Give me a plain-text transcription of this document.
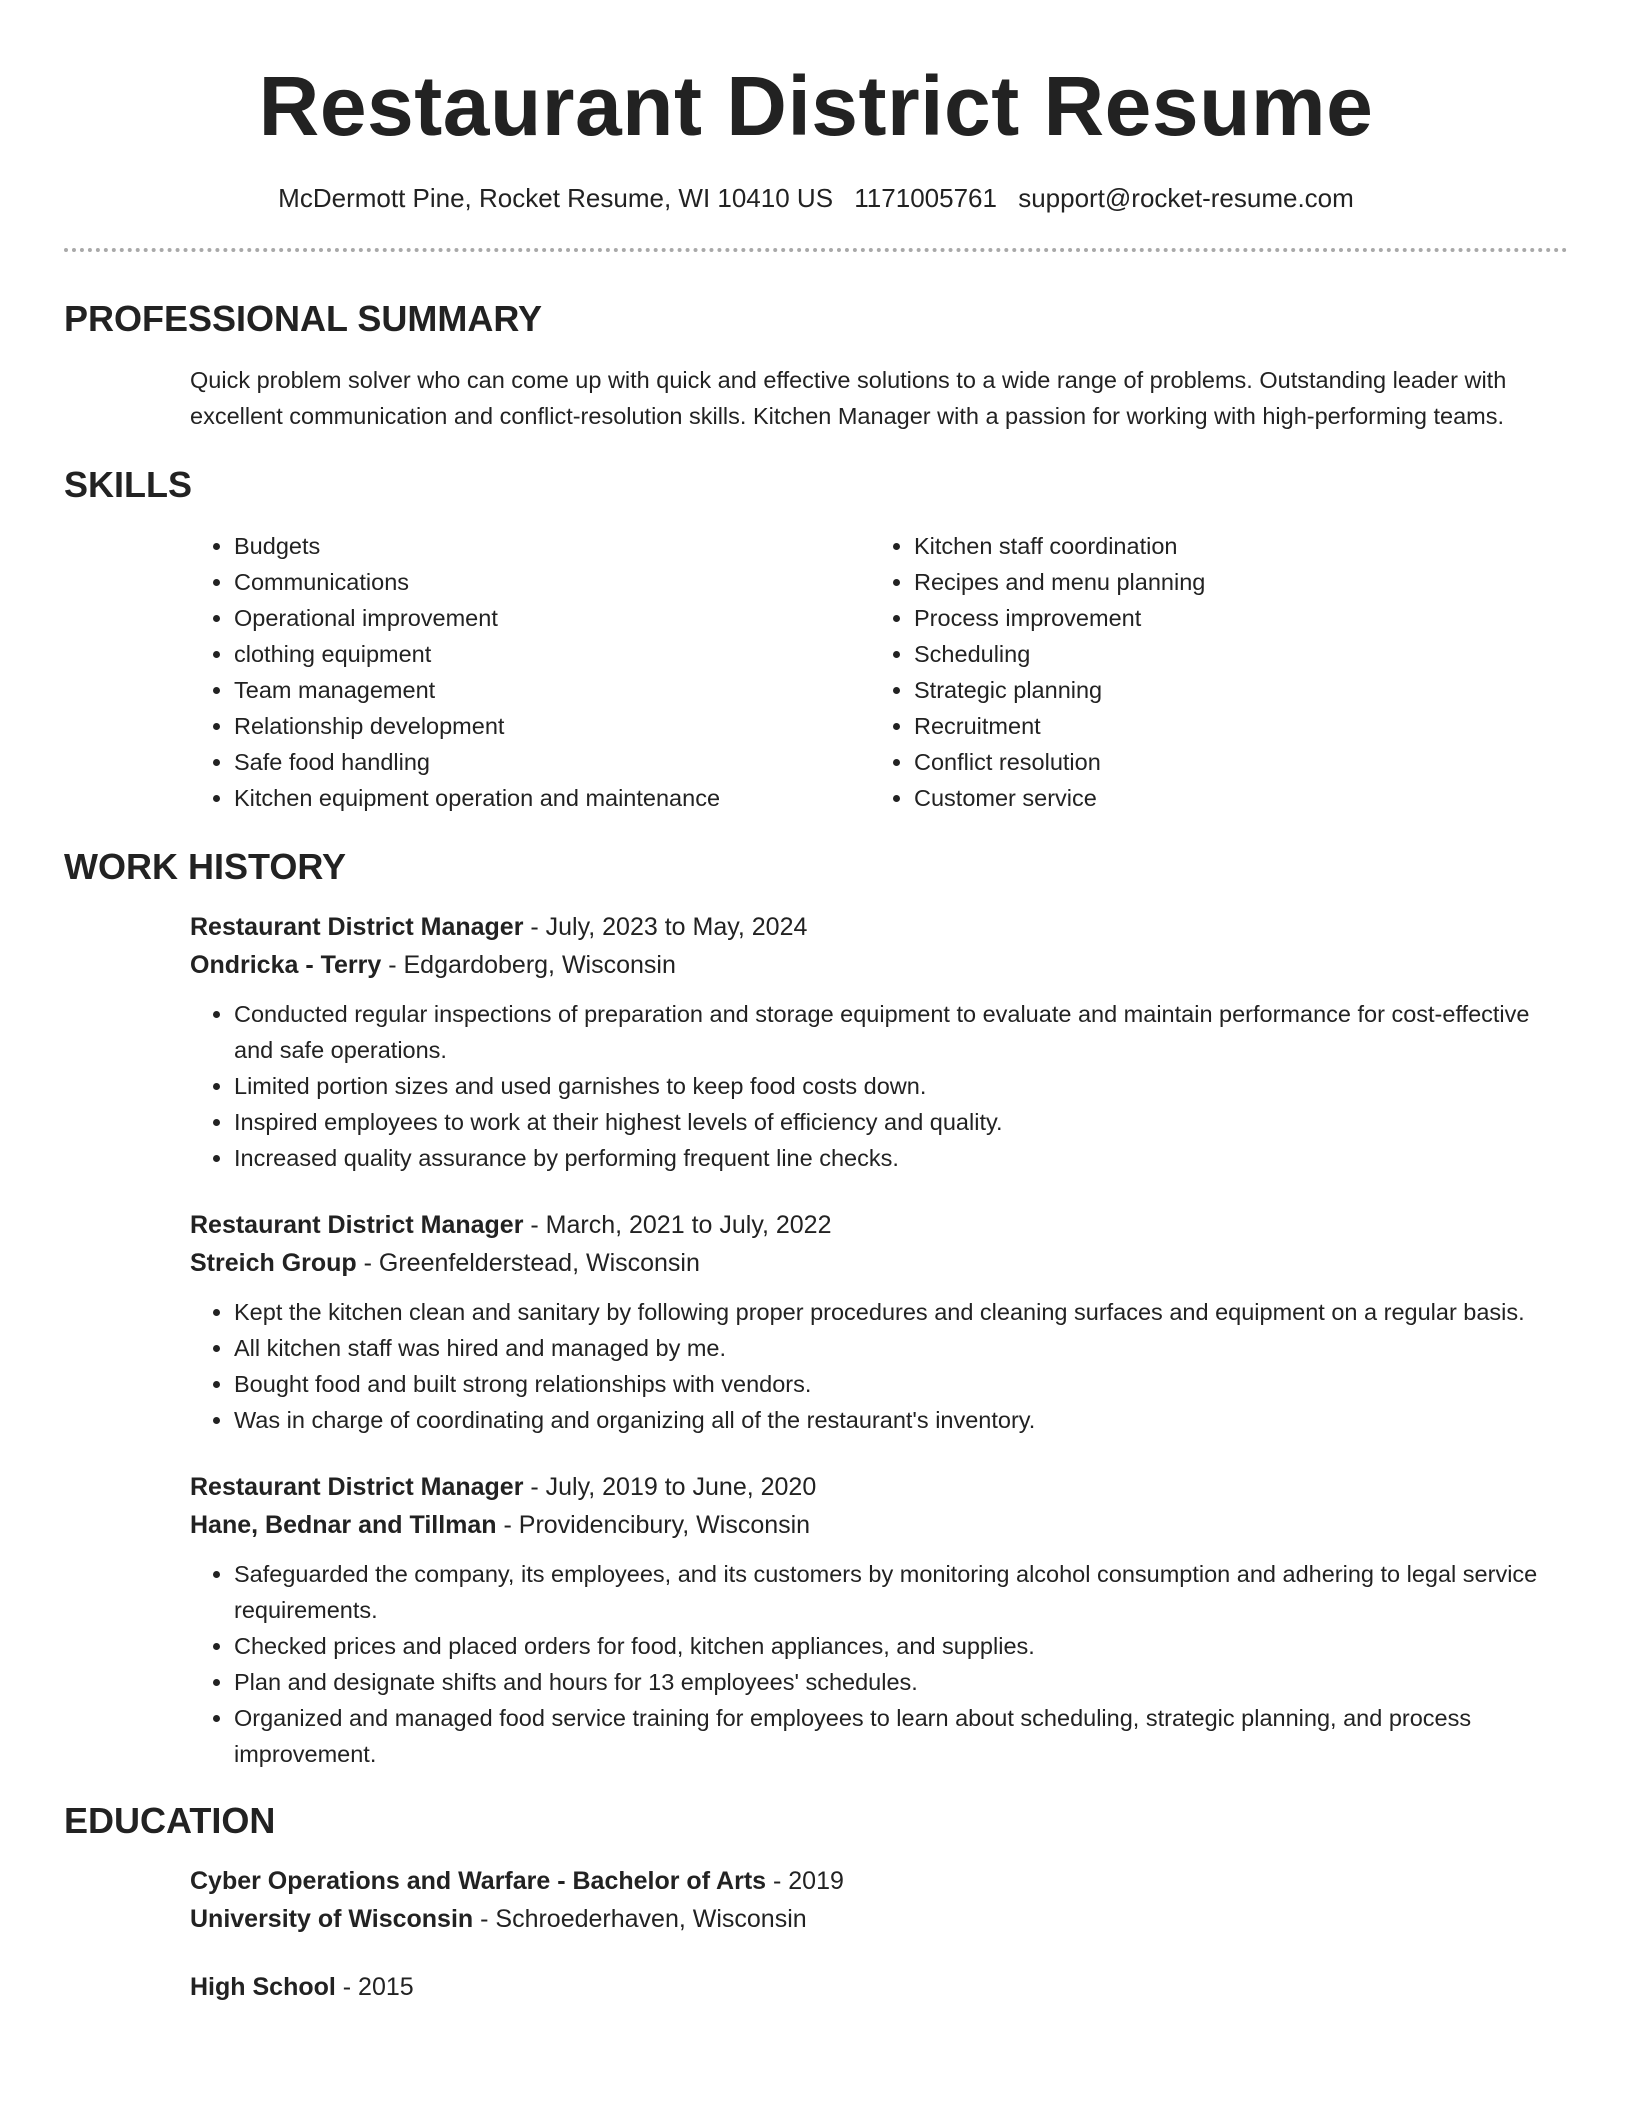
Restaurant District Resume
McDermott Pine, Rocket Resume, WI 10410 US 1171005761 support@rocket-resume.com
PROFESSIONAL SUMMARY

Quick problem solver who can come up with quick and effective solutions to a wide range of problems. Outstanding leader with excellent communication and conflict-resolution skills. Kitchen Manager with a passion for working with high-performing teams.

SKILLS
• Budgets
• Communications
• Operational improvement
• clothing equipment
• Team management
• Relationship development
• Safe food handling
• Kitchen equipment operation and maintenance
• Kitchen staff coordination
• Recipes and menu planning
• Process improvement
• Scheduling
• Strategic planning
• Recruitment
• Conflict resolution
• Customer service
WORK HISTORY
Restaurant District Manager - July, 2023 to May, 2024
Ondricka - Terry - Edgardoberg, Wisconsin
• Conducted regular inspections of preparation and storage equipment to evaluate and maintain performance for cost-effective and safe operations.
• Limited portion sizes and used garnishes to keep food costs down.
• Inspired employees to work at their highest levels of efficiency and quality.
• Increased quality assurance by performing frequent line checks.
Restaurant District Manager - March, 2021 to July, 2022
Streich Group - Greenfelderstead, Wisconsin
• Kept the kitchen clean and sanitary by following proper procedures and cleaning surfaces and equipment on a regular basis.
• All kitchen staff was hired and managed by me.
• Bought food and built strong relationships with vendors.
• Was in charge of coordinating and organizing all of the restaurant's inventory.
Restaurant District Manager - July, 2019 to June, 2020
Hane, Bednar and Tillman - Providencibury, Wisconsin
• Safeguarded the company, its employees, and its customers by monitoring alcohol consumption and adhering to legal service requirements.
• Checked prices and placed orders for food, kitchen appliances, and supplies.
• Plan and designate shifts and hours for 13 employees' schedules.
• Organized and managed food service training for employees to learn about scheduling, strategic planning, and process improvement.
EDUCATION
Cyber Operations and Warfare - Bachelor of Arts - 2019
University of Wisconsin - Schroederhaven, Wisconsin
High School - 2015
